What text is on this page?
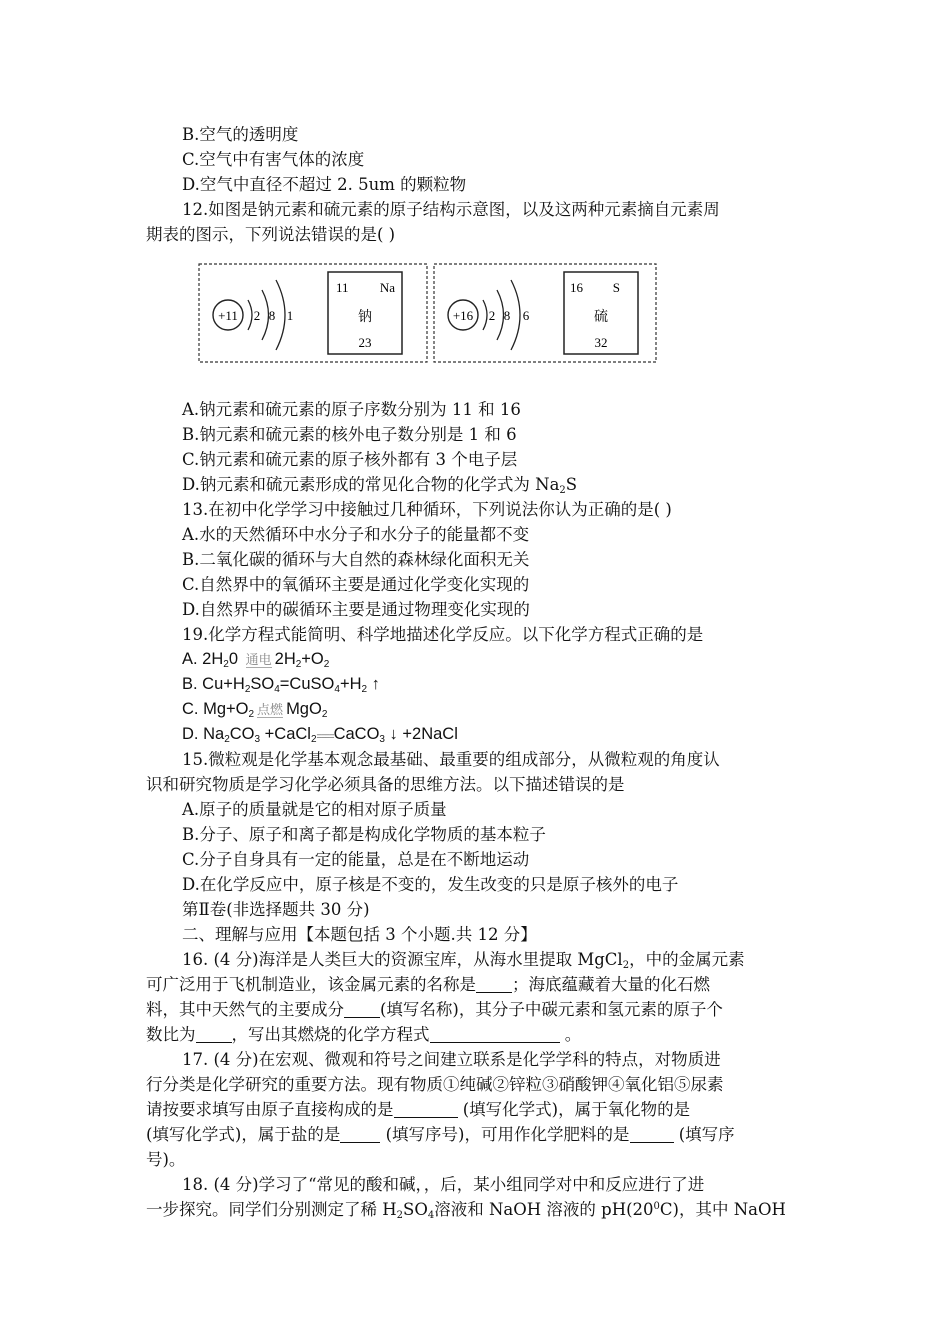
B.空气的透明度
C.空气中有害气体的浓度
D.空气中直径不超过 2. 5um 的颗粒物
12.如图是钠元素和硫元素的原子结构示意图，以及这两种元素摘自元素周
期表的图示，下列说法错误的是( )
+11 2 8 1
11 Na
钠
23
+16 2 8 6
16 S
硫
32
A.钠元素和硫元素的原子序数分别为 11 和 16
B.钠元素和硫元素的核外电子数分别是 1 和 6
C.钠元素和硫元素的原子核外都有 3 个电子层
D.钠元素和硫元素形成的常见化合物的化学式为 $Na_2S$
13.在初中化学学习中接触过几种循环，下列说法你认为正确的是( )
A.水的天然循环中水分子和水分子的能量都不变
B.二氧化碳的循环与大自然的森林绿化面积无关
C.自然界中的氧循环主要是通过化学变化实现的
D.自然界中的碳循环主要是通过物理变化实现的
19.化学方程式能简明、科学地描述化学反应。以下化学方程式正确的是
A. $2H_20$ 通电 $2H_2+O_2$
B. $Cu+H_2SO_4=CuSO_4+H_2$ ↑
C. $Mg+O_2$ 点燃 MgO$_2$
D. $Na_2CO_3$ +CaCl$_2$====CaCO$_3$ ↓ +2NaCl
15.微粒观是化学基本观念最基础、最重要的组成部分，从微粒观的角度认
识和研究物质是学习化学必须具备的思维方法。以下描述错误的是
A.原子的质量就是它的相对原子质量
B.分子、原子和离子都是构成化学物质的基本粒子
C.分子自身具有一定的能量，总是在不断地运动
D.在化学反应中，原子核是不变的，发生改变的只是原子核外的电子
第Ⅱ卷(非选择题共 30 分)
二、理解与应用【本题包括 3 个小题.共 12 分】
16. (4 分)海洋是人类巨大的资源宝库，从海水里提取 MgCl$_2$，中的金属元素
可广泛用于飞机制造业，该金属元素的名称是 ；海底蕴藏着大量的化石燃
料，其中天然气的主要成分 (填写名称)，其分子中碳元素和氢元素的原子个
数比为 ，写出其燃烧的化学方程式	。
17. (4 分)在宏观、微观和符号之间建立联系是化学学科的特点，对物质进
行分类是化学研究的重要方法。现有物质①纯碱②锌粒③硝酸钾④氧化铝⑤尿素
请按要求填写由原子直接构成的是	(填写化学式)，属于氧化物的是
(填写化学式)，属于盐的是 (填写序号)，可用作化学肥料的是	(填写序
号)。
18. (4 分)学习了“常见的酸和碱，，后，某小组同学对中和反应进行了进
一步探究。同学们分别测定了稀 $H_2SO_4$溶液和 NaOH 溶液的 $pH(20^0C)$，其中 NaOH
